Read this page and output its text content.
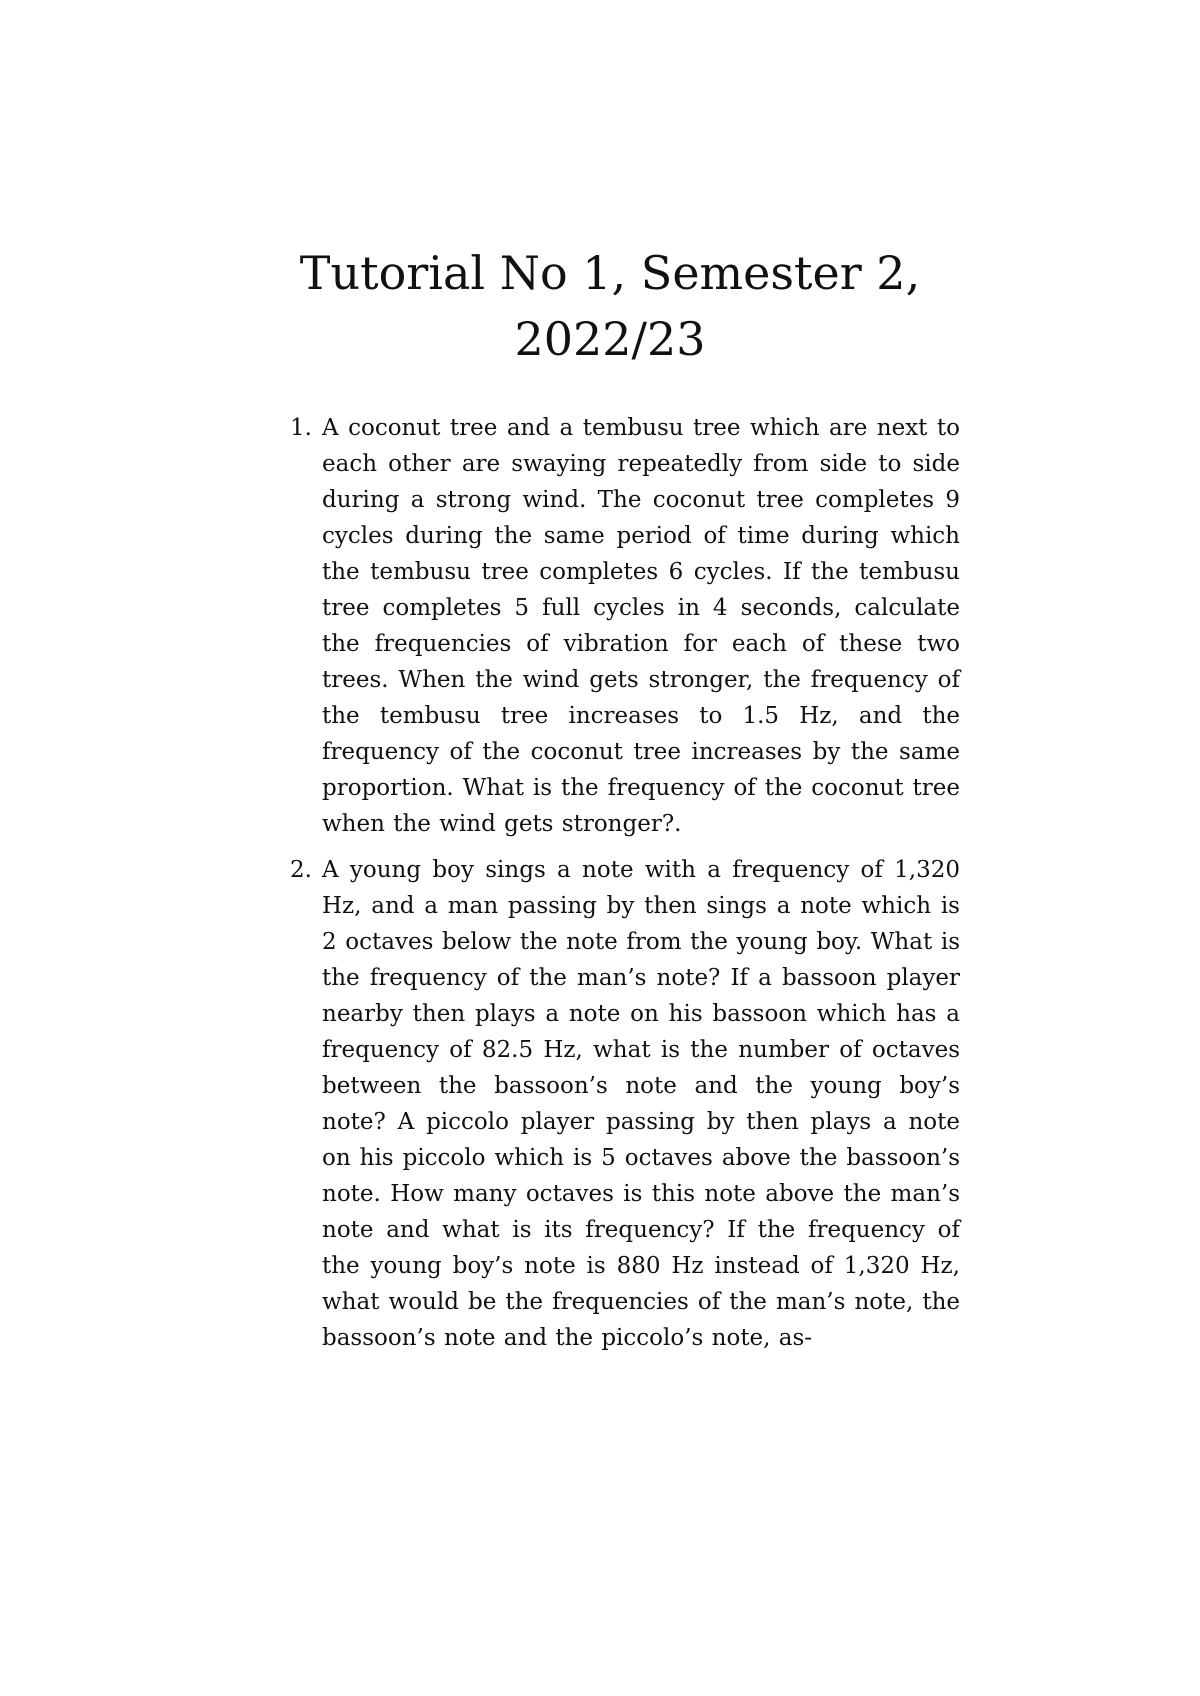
Tutorial No 1, Semester 2,
2022/23
1. A coconut tree and a tembusu tree which are next to each other are swaying repeatedly from side to side during a strong wind. The coconut tree completes 9 cycles during the same period of time during which the tembusu tree completes 6 cycles. If the tembusu tree completes 5 full cycles in 4 seconds, calculate the frequencies of vibration for each of these two trees. When the wind gets stronger, the frequency of the tembusu tree increases to 1.5 Hz, and the frequency of the coconut tree increases by the same proportion. What is the frequency of the coconut tree when the wind gets stronger?.
2. A young boy sings a note with a frequency of 1,320 Hz, and a man passing by then sings a note which is 2 octaves below the note from the young boy. What is the frequency of the man’s note? If a bassoon player nearby then plays a note on his bassoon which has a frequency of 82.5 Hz, what is the number of octaves between the bassoon’s note and the young boy’s note? A piccolo player passing by then plays a note on his piccolo which is 5 octaves above the bassoon’s note. How many octaves is this note above the man’s note and what is its frequency? If the frequency of the young boy’s note is 880 Hz instead of 1,320 Hz, what would be the frequencies of the man’s note, the bassoon’s note and the piccolo’s note, as-
